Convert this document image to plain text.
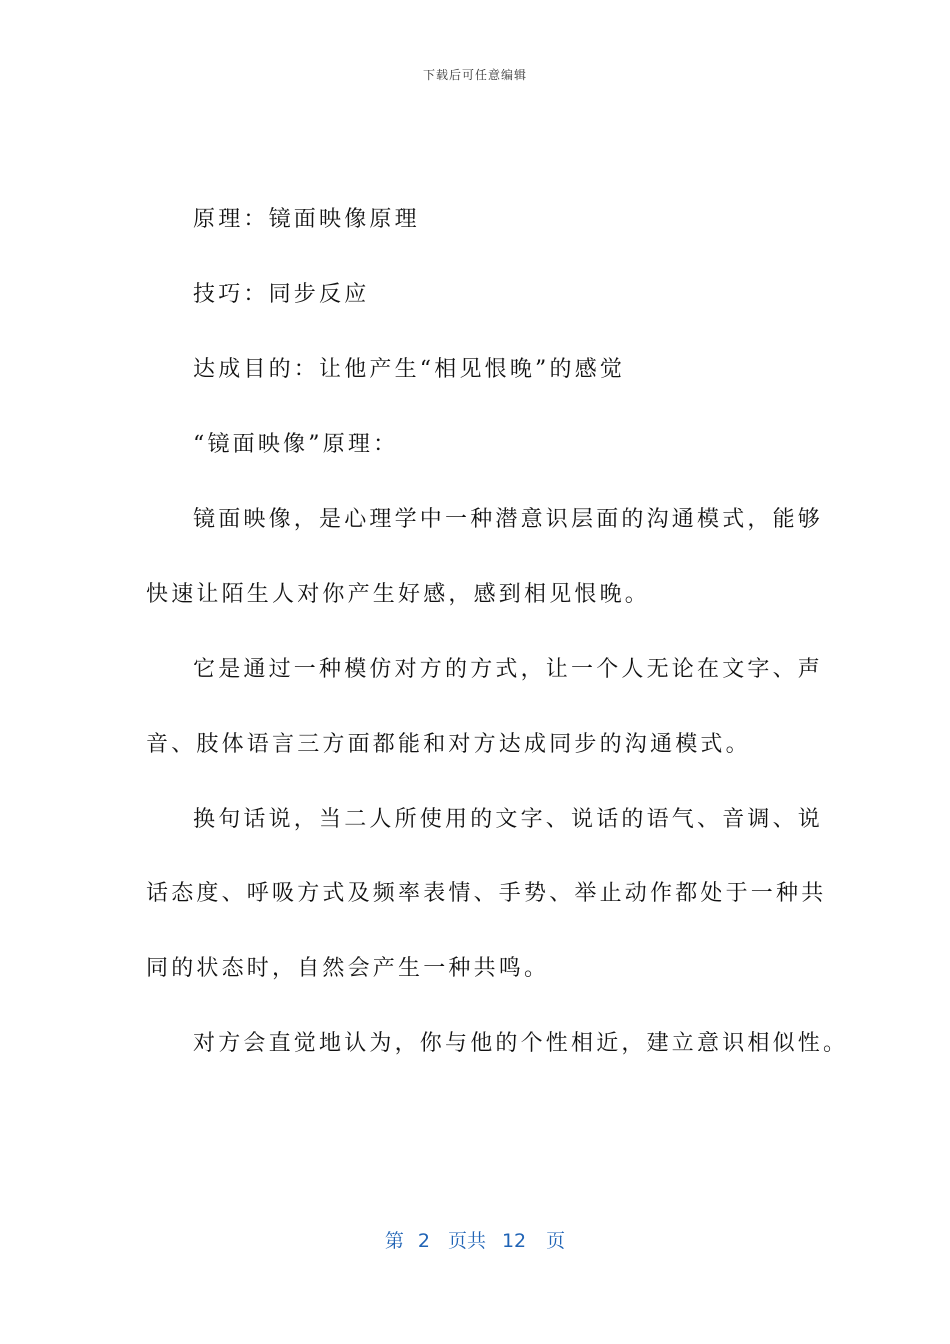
下载后可任意编辑
原理：镜面映像原理
技巧：同步反应
达成目的：让他产生“相见恨晚”的感觉
“镜面映像”原理：
镜面映像，是心理学中一种潜意识层面的沟通模式，能够
快速让陌生人对你产生好感，感到相见恨晚。
它是通过一种模仿对方的方式，让一个人无论在文字、声
音、肢体语言三方面都能和对方达成同步的沟通模式。
换句话说，当二人所使用的文字、说话的语气、音调、说
话态度、呼吸方式及频率表情、手势、举止动作都处于一种共
同的状态时，自然会产生一种共鸣。
对方会直觉地认为，你与他的个性相近，建立意识相似性。
第 2 页共 12 页
